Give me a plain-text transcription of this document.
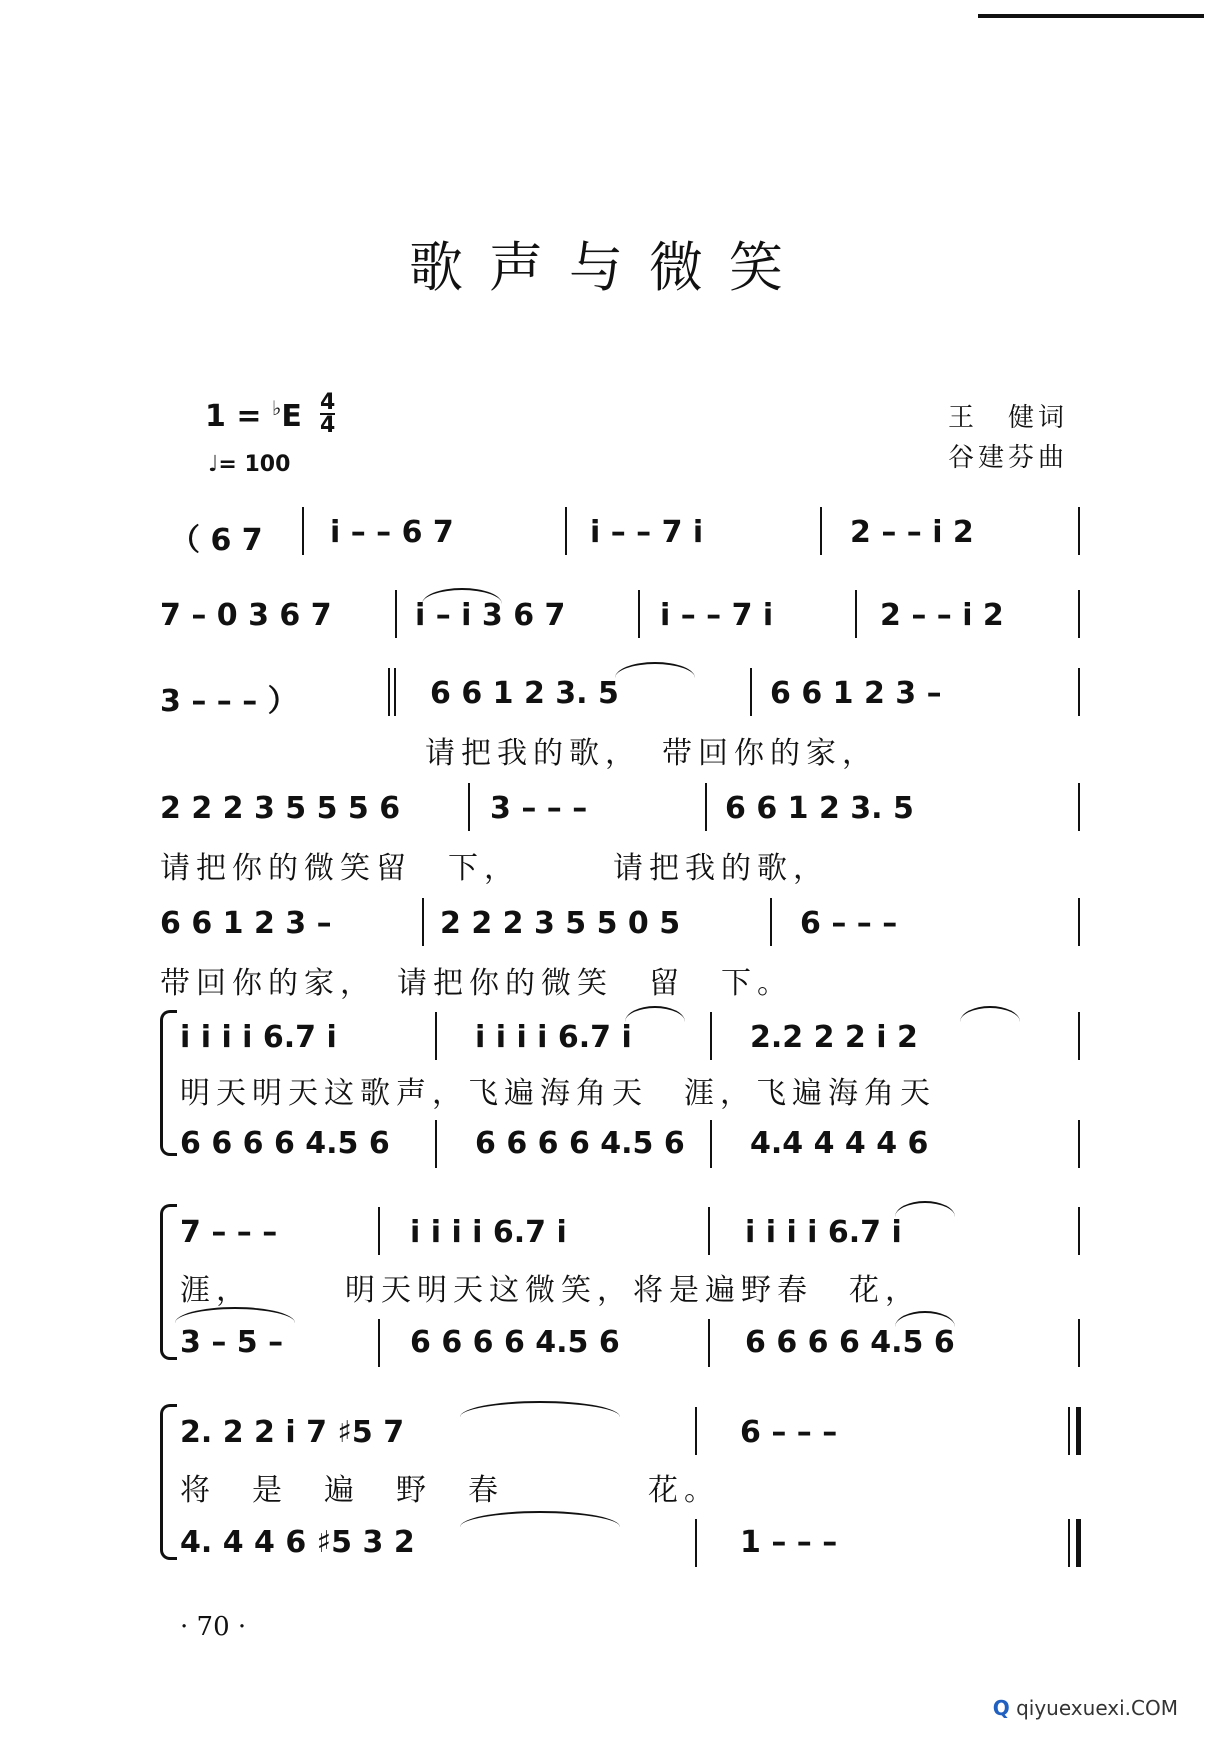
歌声与微笑
1 = ♭E 4
4
♩= 100
王　健词
谷建芬曲
（ 6 7 i – – 6 7	i – – 7 i	2 – – i 2
7 – 0 3 6 7	i – i 3 6 7	i – – 7 i	2 – – i 2
3 – – – ）	6 6 1 2 3. 5	6 6 1 2 3 –
请把我的歌，　带回你的家，
2 2 2 3 5 5 5 6	3 – – –	6 6 1 2 3. 5
请把你的微笑留　下，　　　请把我的歌，
6 6 1 2 3 –	2 2 2 3 5 5 0 5	6 – – –
带回你的家，　请把你的微笑　留　下。
i i i i 6.7 i	i i i i 6.7 i	2.2 2 2 i 2
明天明天这歌声，飞遍海角天　涯，飞遍海角天
6 6 6 6 4.5 6	6 6 6 6 4.5 6 4.4 4 4 4 6
7 – – –	i i i i 6.7 i	i i i i 6.7 i
涯，　　　明天明天这微笑，将是遍野春　花，
3 – 5 –	6 6 6 6 4.5 6	6 6 6 6 4.5 6
2. 2 2 i 7 ♯5 7	6 – – –
将　是　遍　野　春　　　　花。
4. 4 4 6 ♯5 3 2	1 – – –
· 70 ·
Q qiyuexuexi.COM
